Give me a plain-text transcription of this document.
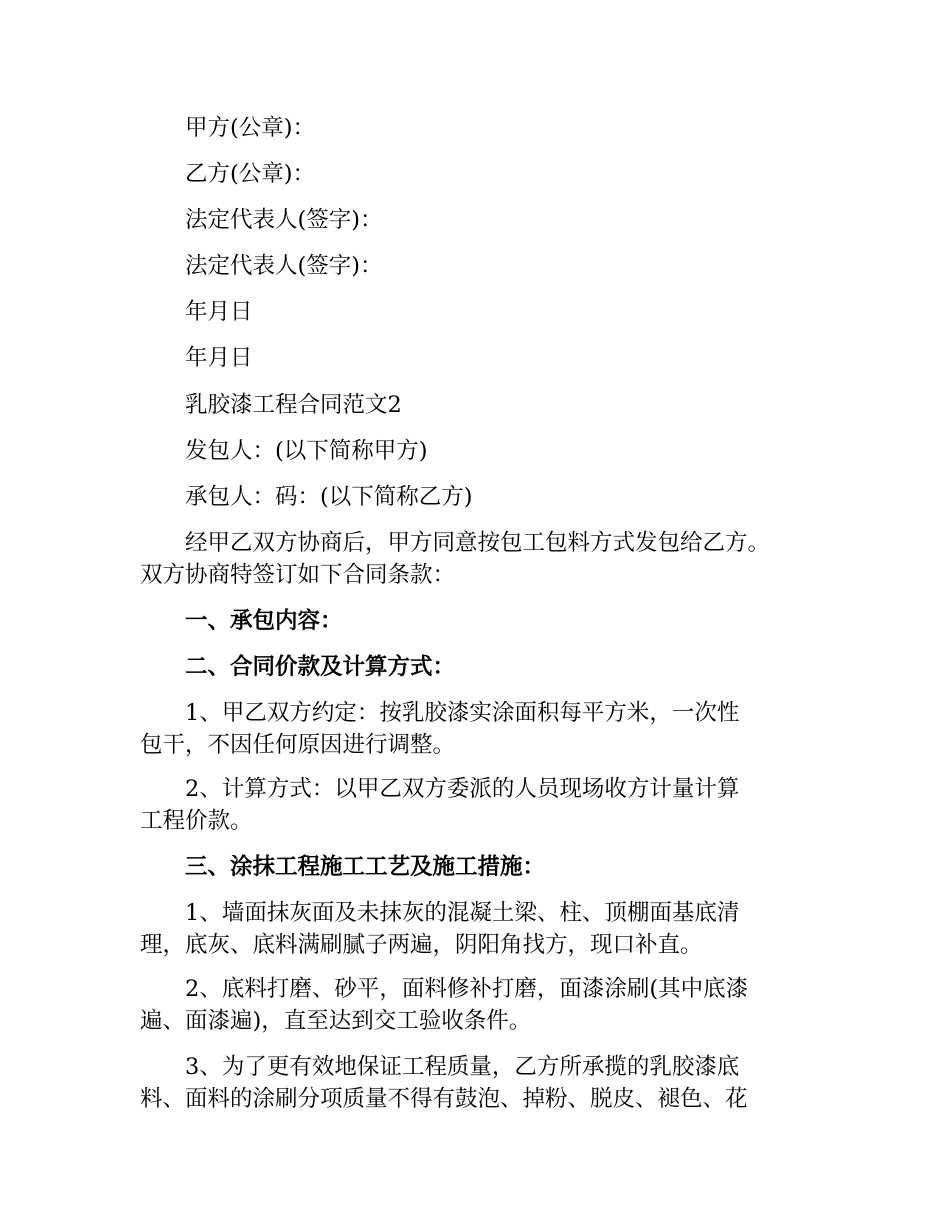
甲方(公章)：
乙方(公章)：
法定代表人(签字)：
法定代表人(签字)：
年月日
年月日
乳胶漆工程合同范文2
发包人：(以下简称甲方)
承包人：码：(以下简称乙方)
经甲乙双方协商后，甲方同意按包工包料方式发包给乙方。
双方协商特签订如下合同条款：
一、承包内容：
二、合同价款及计算方式：
1、甲乙双方约定：按乳胶漆实涂面积每平方米，一次性
包干，不因任何原因进行调整。
2、计算方式：以甲乙双方委派的人员现场收方计量计算
工程价款。
三、涂抹工程施工工艺及施工措施：
1、墙面抹灰面及未抹灰的混凝土梁、柱、顶棚面基底清
理，底灰、底料满刷腻子两遍，阴阳角找方，现口补直。
2、底料打磨、砂平，面料修补打磨，面漆涂刷(其中底漆
遍、面漆遍)，直至达到交工验收条件。
3、为了更有效地保证工程质量，乙方所承揽的乳胶漆底
料、面料的涂刷分项质量不得有鼓泡、掉粉、脱皮、褪色、花
